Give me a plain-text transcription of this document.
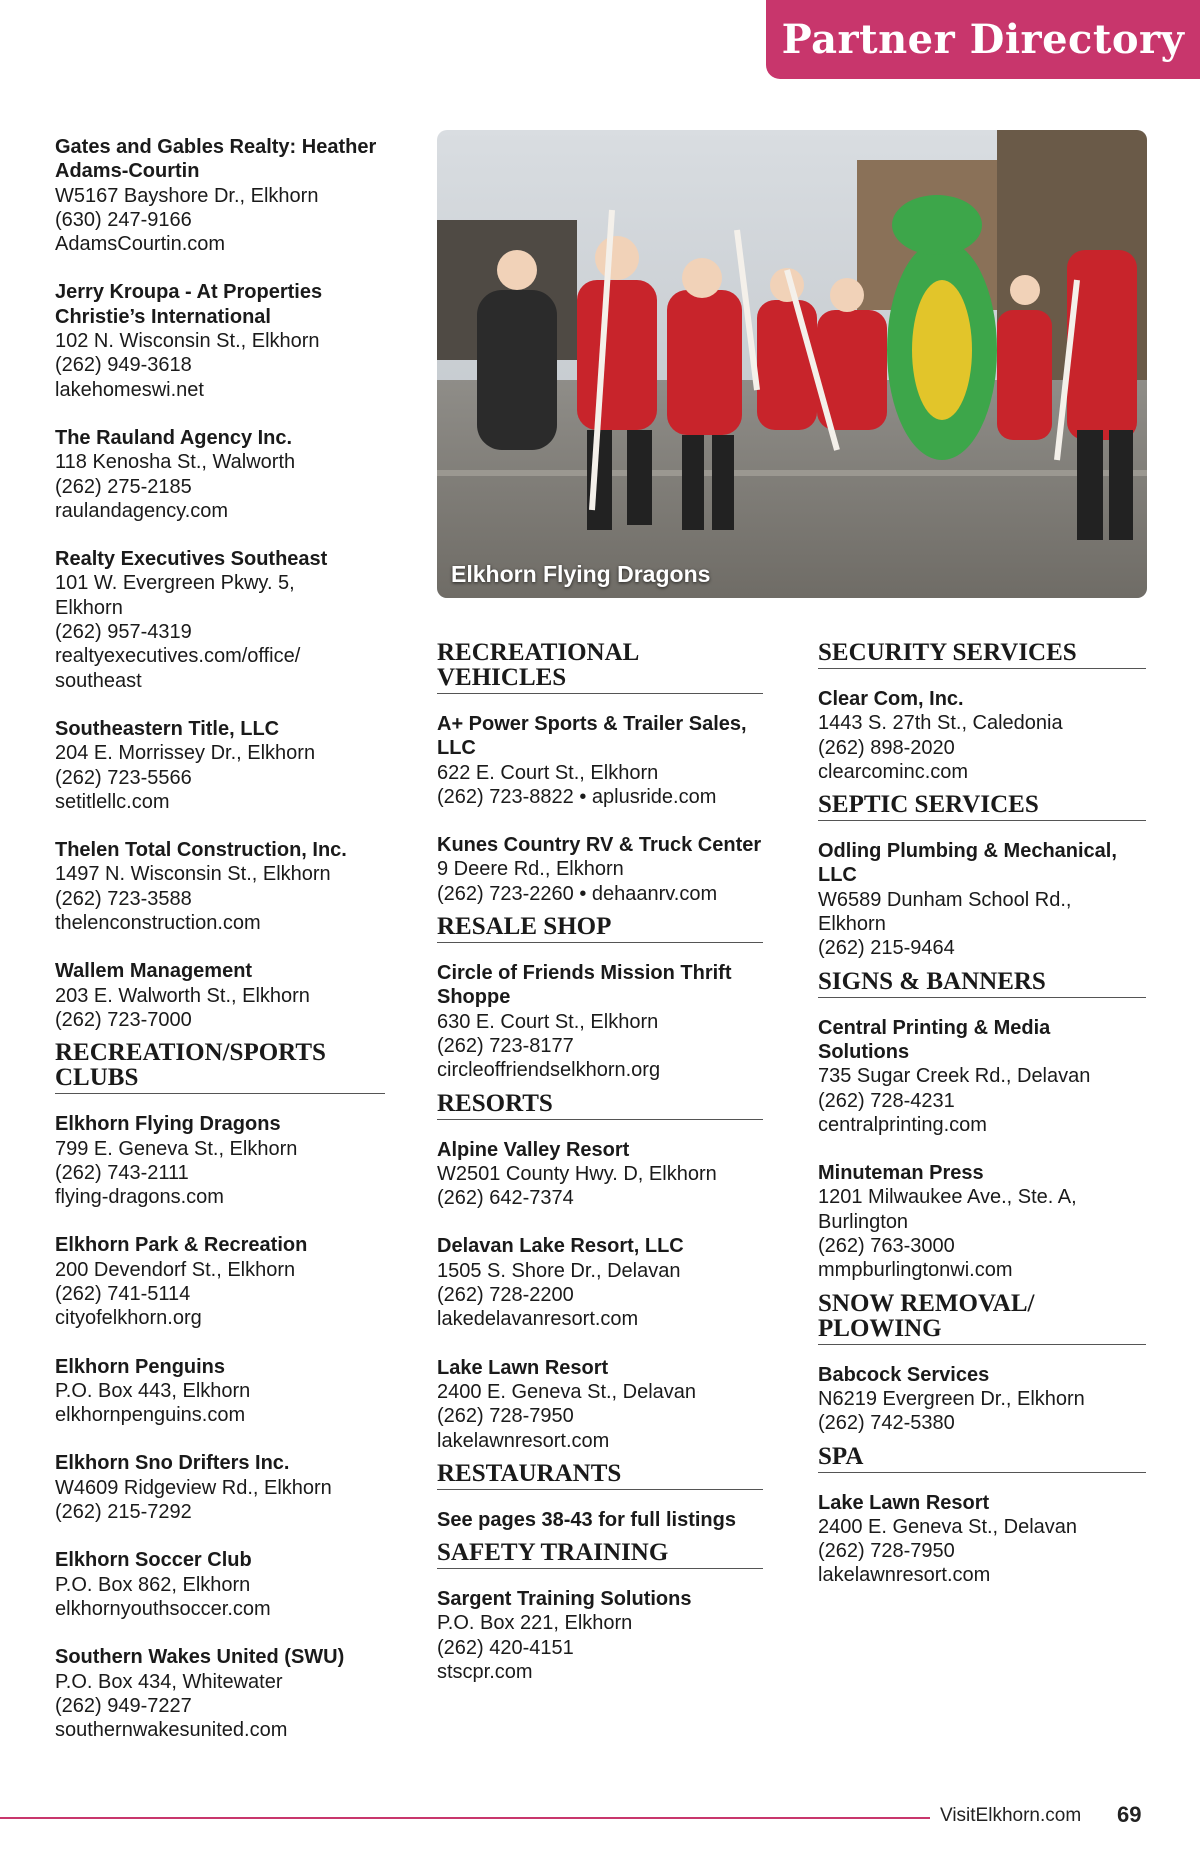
Partner Directory
Gates and Gables Realty: Heather Adams-Courtin
W5167 Bayshore Dr., Elkhorn
(630) 247-9166
AdamsCourtin.com
Jerry Kroupa - At Properties Christie’s International
102 N. Wisconsin St., Elkhorn
(262) 949-3618
lakehomeswi.net
The Rauland Agency Inc.
118 Kenosha St., Walworth
(262) 275-2185
raulandagency.com
Realty Executives Southeast
101 W. Evergreen Pkwy. 5,
Elkhorn
(262) 957-4319
realtyexecutives.com/office/
southeast
Southeastern Title, LLC
204 E. Morrissey Dr., Elkhorn
(262) 723-5566
setitlellc.com
Thelen Total Construction, Inc.
1497 N. Wisconsin St., Elkhorn
(262) 723-3588
thelenconstruction.com
Wallem Management
203 E. Walworth St., Elkhorn
(262) 723-7000
RECREATION/SPORTS CLUBS
Elkhorn Flying Dragons
799 E. Geneva St., Elkhorn
(262) 743-2111
flying-dragons.com
Elkhorn Park & Recreation
200 Devendorf St., Elkhorn
(262) 741-5114
cityofelkhorn.org
Elkhorn Penguins
P.O. Box 443, Elkhorn
elkhornpenguins.com
Elkhorn Sno Drifters Inc.
W4609 Ridgeview Rd., Elkhorn
(262) 215-7292
Elkhorn Soccer Club
P.O. Box 862, Elkhorn
elkhornyouthsoccer.com
Southern Wakes United (SWU)
P.O. Box 434, Whitewater
(262) 949-7227
southernwakesunited.com
Elkhorn Flying Dragons
RECREATIONAL VEHICLES
A+ Power Sports & Trailer Sales, LLC
622 E. Court St., Elkhorn
(262) 723-8822 • aplusride.com
Kunes Country RV & Truck Center
9 Deere Rd., Elkhorn
(262) 723-2260 • dehaanrv.com
RESALE SHOP
Circle of Friends Mission Thrift Shoppe
630 E. Court St., Elkhorn
(262) 723-8177
circleoffriendselkhorn.org
RESORTS
Alpine Valley Resort
W2501 County Hwy. D, Elkhorn
(262) 642-7374
Delavan Lake Resort, LLC
1505 S. Shore Dr., Delavan
(262) 728-2200
lakedelavanresort.com
Lake Lawn Resort
2400 E. Geneva St., Delavan
(262) 728-7950
lakelawnresort.com
RESTAURANTS
See pages 38-43 for full listings
SAFETY TRAINING
Sargent Training Solutions
P.O. Box 221, Elkhorn
(262) 420-4151
stscpr.com
SECURITY SERVICES
Clear Com, Inc.
1443 S. 27th St., Caledonia
(262) 898-2020
clearcominc.com
SEPTIC SERVICES
Odling Plumbing & Mechanical, LLC
W6589 Dunham School Rd.,
Elkhorn
(262) 215-9464
SIGNS & BANNERS
Central Printing & Media Solutions
735 Sugar Creek Rd., Delavan
(262) 728-4231
centralprinting.com
Minuteman Press
1201 Milwaukee Ave., Ste. A,
Burlington
(262) 763-3000
mmpburlingtonwi.com
SNOW REMOVAL/ PLOWING
Babcock Services
N6219 Evergreen Dr., Elkhorn
(262) 742-5380
SPA
Lake Lawn Resort
2400 E. Geneva St., Delavan
(262) 728-7950
lakelawnresort.com
VisitElkhorn.com 69
